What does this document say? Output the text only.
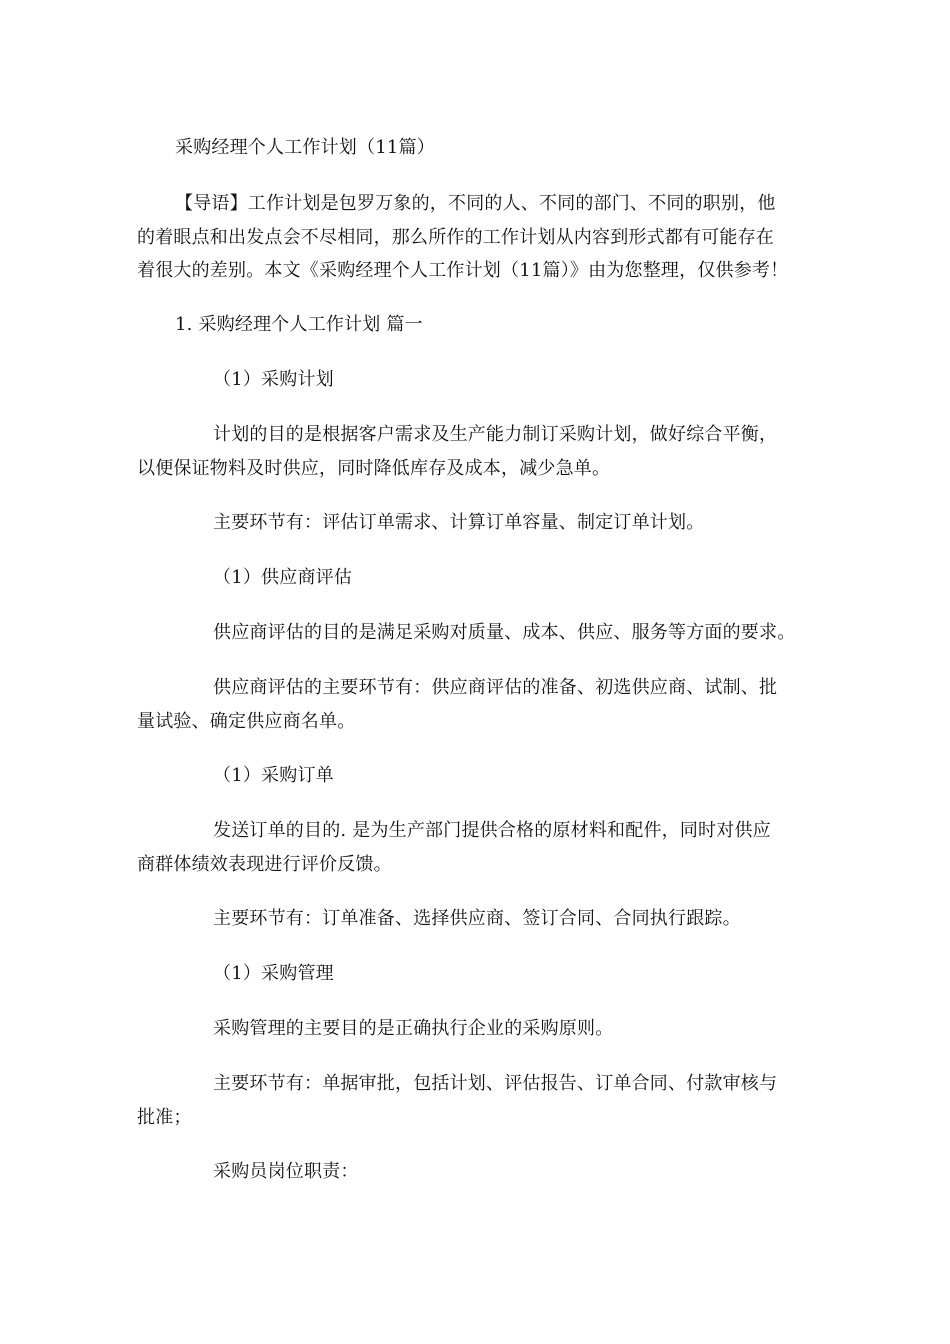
采购经理个人工作计划（11篇）
【导语】工作计划是包罗万象的，不同的人、不同的部门、不同的职别，他
的着眼点和出发点会不尽相同，那么所作的工作计划从内容到形式都有可能存在
着很大的差别。本文《采购经理个人工作计划（11篇）》由为您整理，仅供参考！
1. 采购经理个人工作计划 篇一
（1）采购计划
计划的目的是根据客户需求及生产能力制订采购计划，做好综合平衡，
以便保证物料及时供应，同时降低库存及成本，减少急单。
主要环节有：评估订单需求、计算订单容量、制定订单计划。
（1）供应商评估
供应商评估的目的是满足采购对质量、成本、供应、服务等方面的要求。
供应商评估的主要环节有：供应商评估的准备、初选供应商、试制、批
量试验、确定供应商名单。
（1）采购订单
发送订单的目的. 是为生产部门提供合格的原材料和配件，同时对供应
商群体绩效表现进行评价反馈。
主要环节有：订单准备、选择供应商、签订合同、合同执行跟踪。
（1）采购管理
采购管理的主要目的是正确执行企业的采购原则。
主要环节有：单据审批，包括计划、评估报告、订单合同、付款审核与
批准；
采购员岗位职责：
